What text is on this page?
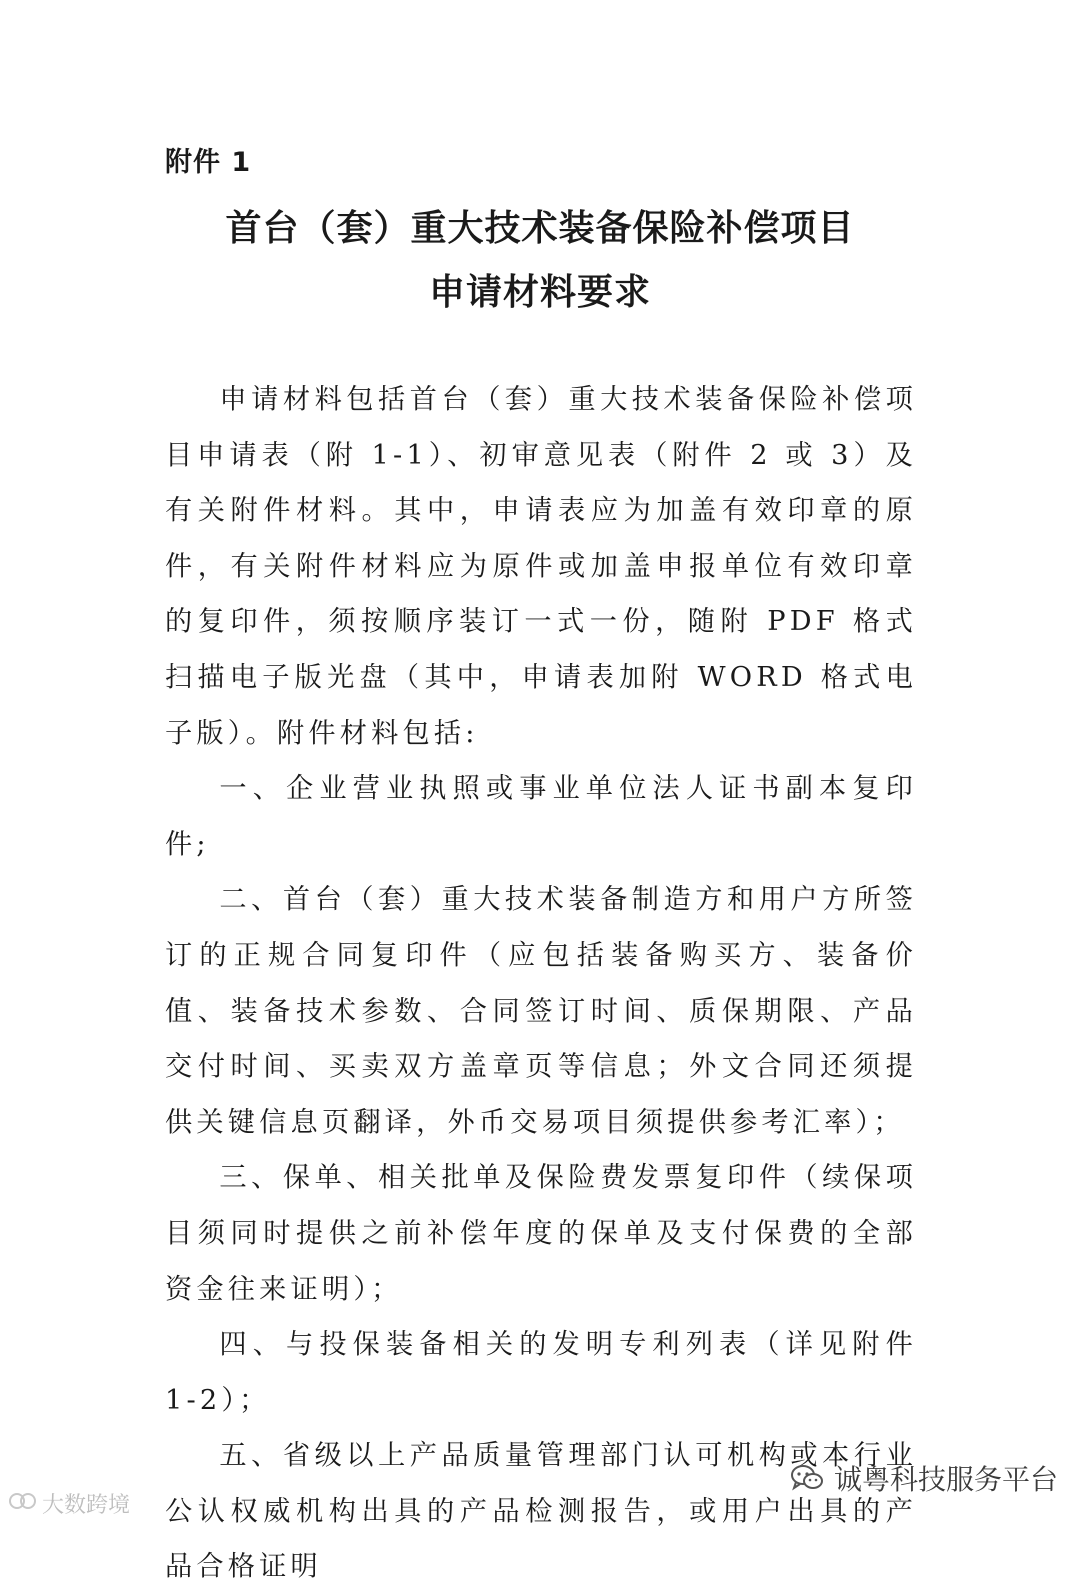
附件 1
首台（套）重大技术装备保险补偿项目
申请材料要求

申请材料包括首台（套）重大技术装备保险补偿项目申请表（附 1-1）、初审意见表（附件 2 或 3）及有关附件材料。其中，申请表应为加盖有效印章的原件，有关附件材料应为原件或加盖申报单位有效印章的复印件，须按顺序装订一式一份，随附 PDF 格式扫描电子版光盘（其中，申请表加附 WORD 格式电子版）。附件材料包括:

一、企业营业执照或事业单位法人证书副本复印件;

二、首台（套）重大技术装备制造方和用户方所签订的正规合同复印件（应包括装备购买方、装备价值、装备技术参数、合同签订时间、质保期限、产品交付时间、买卖双方盖章页等信息；外文合同还须提供关键信息页翻译，外币交易项目须提供参考汇率）；

三、保单、相关批单及保险费发票复印件（续保项目须同时提供之前补偿年度的保单及支付保费的全部资金往来证明）；

四、与投保装备相关的发明专利列表（详见附件 1-2）；

五、省级以上产品质量管理部门认可机构或本行业公认权威机构出具的产品检测报告，或用户出具的产品合格证明

诚粤科技服务平台
大数跨境
